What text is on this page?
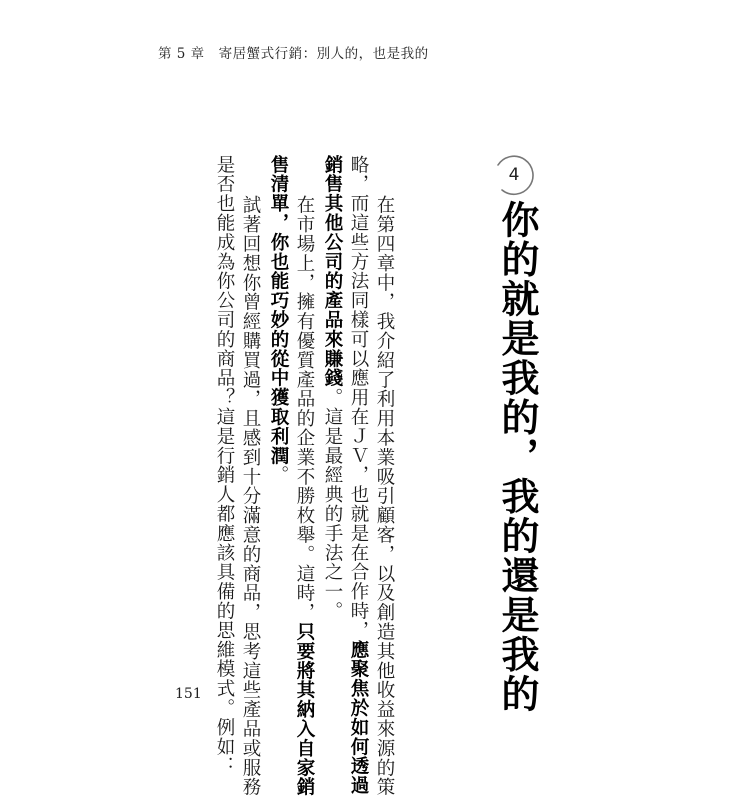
第 5 章　寄居蟹式行銷：別人的，也是我的
4
你的就是我的，我的還是我的
　在第四章中，我介紹了利用本業吸引顧客，以及創造其他收益來源的策
略，而這些方法同樣可以應用在ＪＶ，也就是在合作時，應聚焦於如何透過
銷售其他公司的產品來賺錢。這是最經典的手法之一。
　在市場上，擁有優質產品的企業不勝枚舉。這時，只要將其納入自家銷
售清單，你也能巧妙的從中獲取利潤。
　試著回想你曾經購買過，且感到十分滿意的商品，思考這些產品或服務
是否也能成為你公司的商品？這是行銷人都應該具備的思維模式。例如：
151
